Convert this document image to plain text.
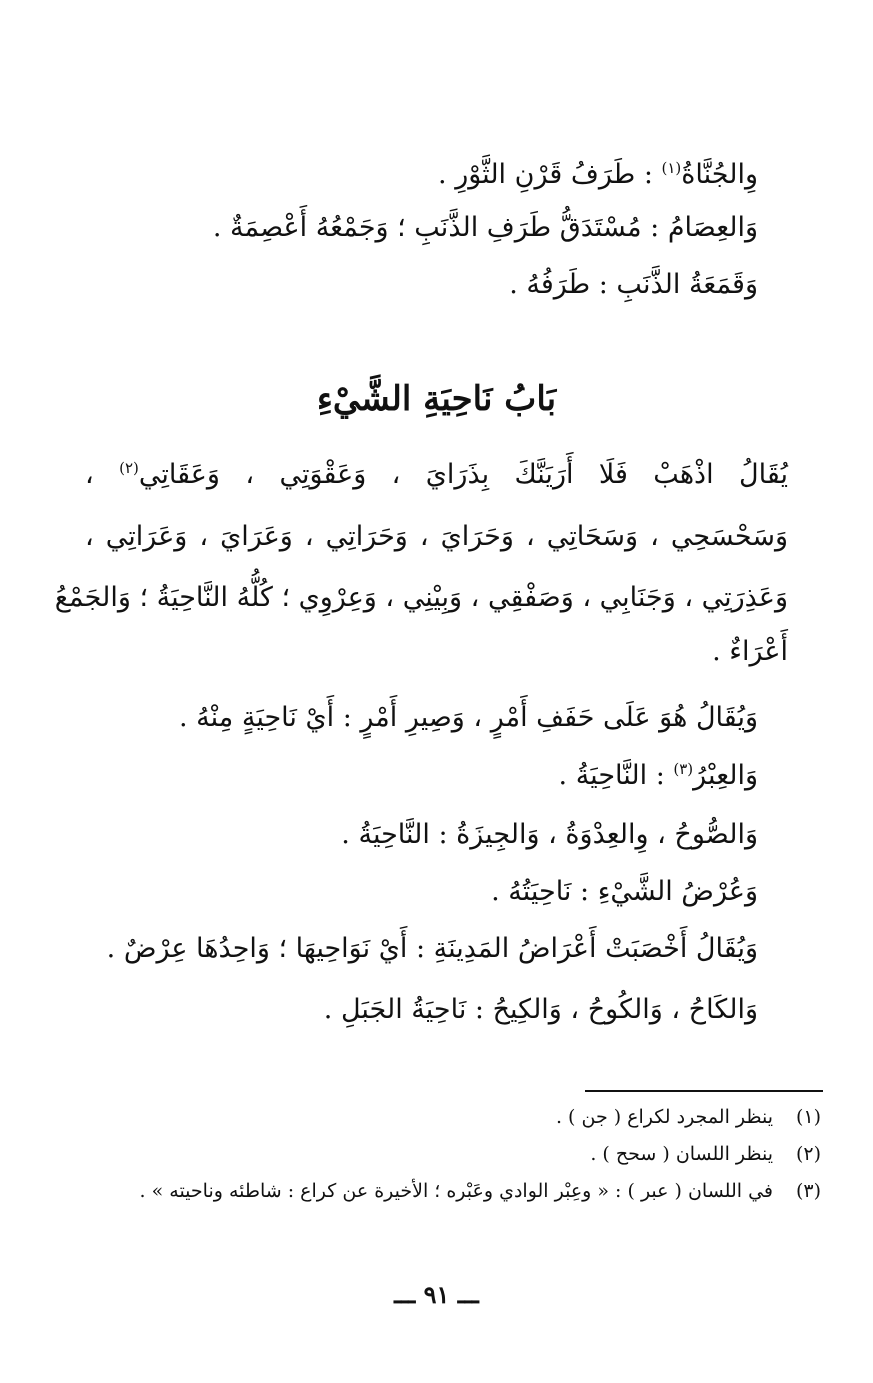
وِالجُنَّاةُ$^{(١)}$ : طَرَفُ قَرْنِ الثَّوْرِ .
وَالعِصَامُ : مُسْتَدَقُّ طَرَفِ الذَّنَبِ ؛ وَجَمْعُهُ أَعْصِمَةٌ .
وَقَمَعَةُ الذَّنَبِ : طَرَفُهُ .
بَابُ نَاحِيَةِ الشَّيْءِ
يُقَالُ اذْهَبْ فَلَا أَرَيَنَّكَ بِذَرَايَ ، وَعَقْوَتِي ، وَعَقَاتِي$^{(٢)}$ ،
وَسَحْسَحِي ، وَسَحَاتِي ، وَحَرَايَ ، وَحَرَاتِي ، وَعَرَايَ ، وَعَرَاتِي ،
وَعَذِرَتِي ، وَجَنَابِي ، وَصَفْقِي ، وَبِيْنِي ، وَعِرْوِي ؛ كُلُّهُ النَّاحِيَةُ ؛ وَالجَمْعُ
أَعْرَاءٌ .
وَيُقَالُ هُوَ عَلَى حَفَفِ أَمْرٍ ، وَصِيرِ أَمْرٍ : أَيْ نَاحِيَةٍ مِنْهُ .
وَالعِبْرُ$^{(٣)}$ : النَّاحِيَةُ .
وَالصُّوحُ ، وِالعِدْوَةُ ، وَالجِيزَةُ : النَّاحِيَةُ .
وَعُرْضُ الشَّيْءِ : نَاحِيَتُهُ .
وَيُقَالُ أَخْصَبَتْ أَعْرَاضُ المَدِينَةِ : أَيْ نَوَاحِيهَا ؛ وَاحِدُهَا عِرْضٌ .
وَالكَاحُ ، وَالكُوحُ ، وَالكِيحُ : نَاحِيَةُ الجَبَلِ .
(١)ينظر المجرد لكراع ( جن ) .
(٢)ينظر اللسان ( سحح ) .
(٣)في اللسان ( عبر ) : « وعِبْر الوادي وعَبْره ؛ الأخيرة عن كراع : شاطئه وناحيته » .
ـــ ٩١ ـــ
